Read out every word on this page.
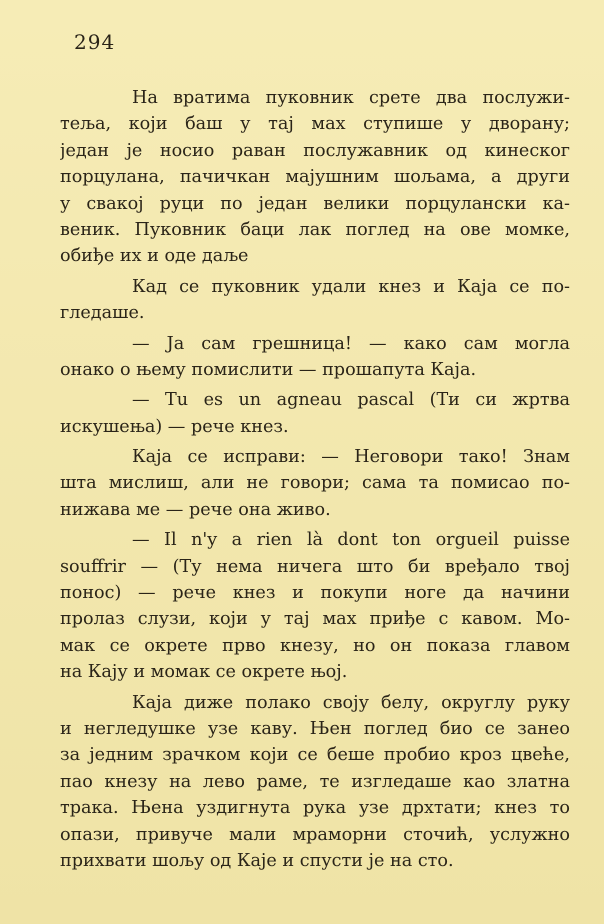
294
На вратима пуковник срете два послужи-
теља, који баш у тај мах ступише у дворану;
један је носио раван послужавник од кинеског
порцулана, пачичкан мајушним шољама, а други
у свакој руци по један велики порцулански ка-
веник. Пуковник баци лак поглед на ове момке,
обиђе их и оде даље
Кад се пуковник удали кнез и Каја се по-
гледаше.
— Ја сам грешница! — како сам могла
онако о њему помислити — прошапута Каја.
— Tu es un agneau pascal (Ти си жртва
искушења) — рече кнез.
Каја се исправи: — Неговори тако! Знам
шта мислиш, али не говори; сама та помисао по-
нижава ме — рече она живо.
— Il n'y a rien là dont ton orgueil puisse
souffrir — (Ту нема ничега што би вређало твој
понос) — рече кнез и покупи ноге да начини
пролаз слузи, који у тај мах приђе с кавом. Мо-
мак се окрете прво кнезу, но он показа главом
на Кају и момак се окрете њој.
Каја диже полако своју белу, округлу руку
и негледушке узе каву. Њен поглед био се занео
за једним зрачком који се беше пробио кроз цвеће,
пао кнезу на лево раме, те изгледаше као златна
трака. Њена уздигнута рука узе дрхтати; кнез то
опази, привуче мали мраморни сточић, услужно
прихвати шољу од Каје и спусти је на сто.
